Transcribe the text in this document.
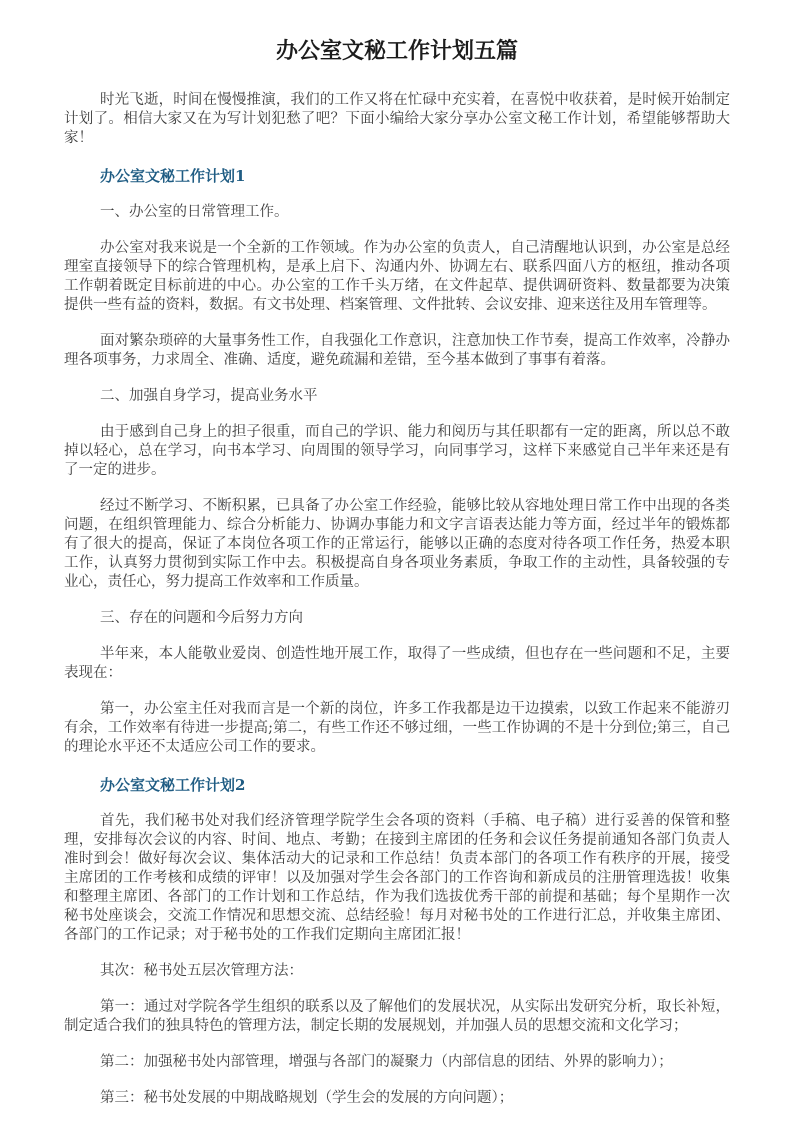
办公室文秘工作计划五篇

时光飞逝，时间在慢慢推演，我们的工作又将在忙碌中充实着，在喜悦中收获着，是时候开始制定计划了。相信大家又在为写计划犯愁了吧？下面小编给大家分享办公室文秘工作计划，希望能够帮助大家！

办公室文秘工作计划1

一、办公室的日常管理工作。

办公室对我来说是一个全新的工作领域。作为办公室的负责人，自己清醒地认识到，办公室是总经理室直接领导下的综合管理机构，是承上启下、沟通内外、协调左右、联系四面八方的枢纽，推动各项工作朝着既定目标前进的中心。办公室的工作千头万绪，在文件起草、提供调研资料、数量都要为决策提供一些有益的资料，数据。有文书处理、档案管理、文件批转、会议安排、迎来送往及用车管理等。

面对繁杂琐碎的大量事务性工作，自我强化工作意识，注意加快工作节奏，提高工作效率，冷静办理各项事务，力求周全、准确、适度，避免疏漏和差错，至今基本做到了事事有着落。

二、加强自身学习，提高业务水平

由于感到自己身上的担子很重，而自己的学识、能力和阅历与其任职都有一定的距离，所以总不敢掉以轻心，总在学习，向书本学习、向周围的领导学习，向同事学习，这样下来感觉自己半年来还是有了一定的进步。

经过不断学习、不断积累，已具备了办公室工作经验，能够比较从容地处理日常工作中出现的各类问题，在组织管理能力、综合分析能力、协调办事能力和文字言语表达能力等方面，经过半年的锻炼都有了很大的提高，保证了本岗位各项工作的正常运行，能够以正确的态度对待各项工作任务，热爱本职工作，认真努力贯彻到实际工作中去。积极提高自身各项业务素质，争取工作的主动性，具备较强的专业心，责任心，努力提高工作效率和工作质量。

三、存在的问题和今后努力方向

半年来，本人能敬业爱岗、创造性地开展工作，取得了一些成绩，但也存在一些问题和不足，主要表现在：

第一，办公室主任对我而言是一个新的岗位，许多工作我都是边干边摸索，以致工作起来不能游刃有余，工作效率有待进一步提高;第二，有些工作还不够过细，一些工作协调的不是十分到位;第三，自己的理论水平还不太适应公司工作的要求。

办公室文秘工作计划2

首先，我们秘书处对我们经济管理学院学生会各项的资料（手稿、电子稿）进行妥善的保管和整理，安排每次会议的内容、时间、地点、考勤；在接到主席团的任务和会议任务提前通知各部门负责人准时到会！做好每次会议、集体活动大的记录和工作总结！负责本部门的各项工作有秩序的开展，接受主席团的工作考核和成绩的评审！以及加强对学生会各部门的工作咨询和新成员的注册管理选拔！收集和整理主席团、各部门的工作计划和工作总结，作为我们选拔优秀干部的前提和基础；每个星期作一次秘书处座谈会，交流工作情况和思想交流、总结经验！每月对秘书处的工作进行汇总，并收集主席团、各部门的工作记录；对于秘书处的工作我们定期向主席团汇报！

其次：秘书处五层次管理方法：

第一：通过对学院各学生组织的联系以及了解他们的发展状况，从实际出发研究分析，取长补短，制定适合我们的独具特色的管理方法，制定长期的发展规划，并加强人员的思想交流和文化学习；

第二：加强秘书处内部管理，增强与各部门的凝聚力（内部信息的团结、外界的影响力）；

第三：秘书处发展的中期战略规划（学生会的发展的方向问题）；
